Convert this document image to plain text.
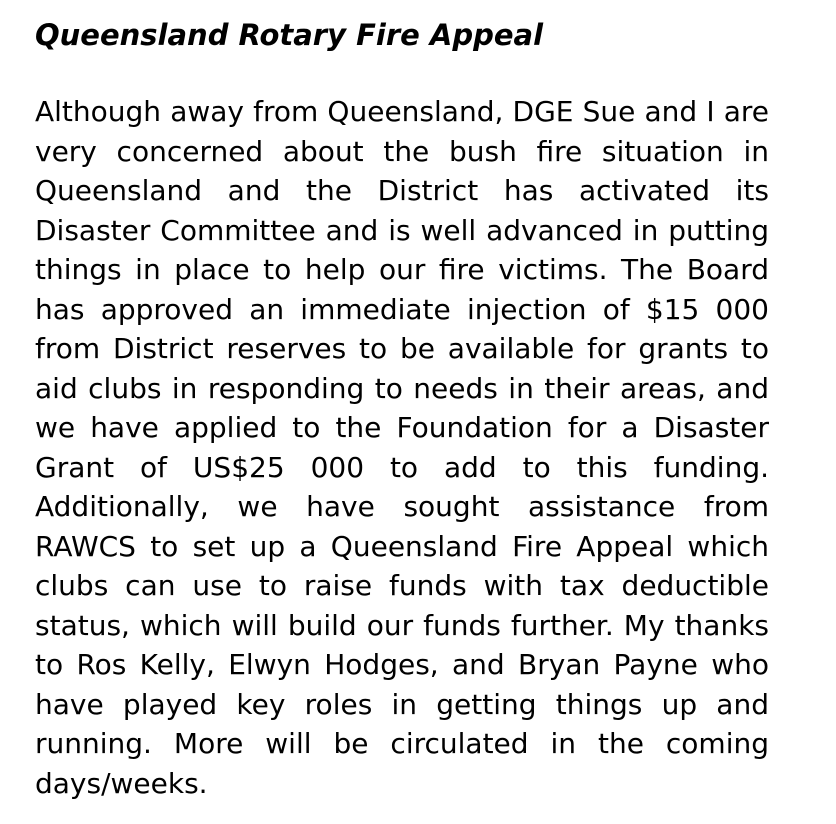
Queensland Rotary Fire Appeal

Although away from Queensland, DGE Sue and I are very concerned about the bush fire situation in Queensland and the District has activated its Disaster Committee and is well advanced in putting things in place to help our fire victims. The Board has approved an immediate injection of $15 000 from District reserves to be available for grants to aid clubs in responding to needs in their areas, and we have applied to the Foundation for a Disaster Grant of US$25 000 to add to this funding. Additionally, we have sought assistance from RAWCS to set up a Queensland Fire Appeal which clubs can use to raise funds with tax deductible status, which will build our funds further. My thanks to Ros Kelly, Elwyn Hodges, and Bryan Payne who have played key roles in getting things up and running. More will be circulated in the coming days/weeks.
